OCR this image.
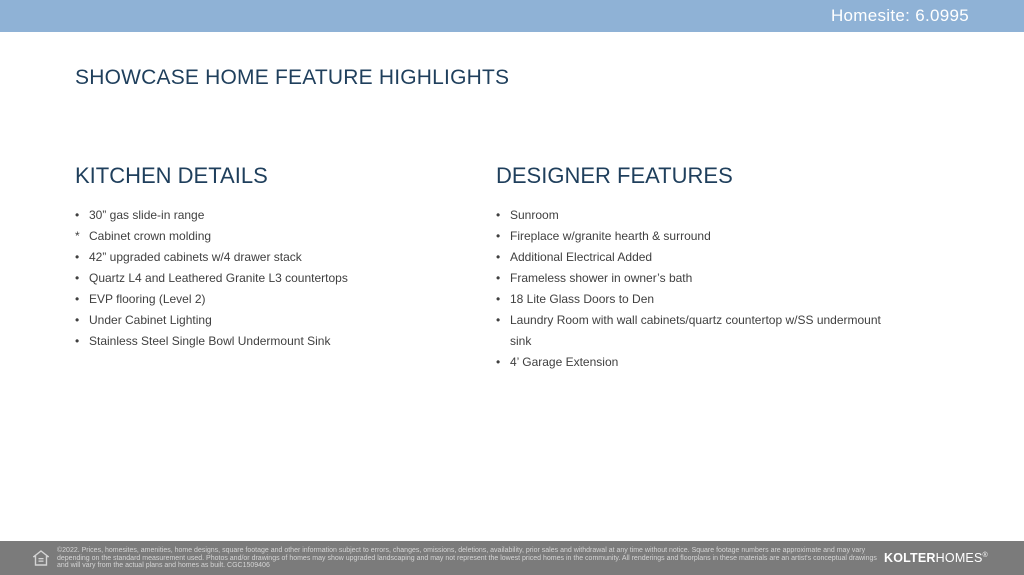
Homesite: 6.0995
SHOWCASE HOME FEATURE HIGHLIGHTS
KITCHEN DETAILS
• 30” gas slide-in range
* Cabinet crown molding
• 42” upgraded cabinets w/4 drawer stack
• Quartz L4 and Leathered Granite L3 countertops
• EVP flooring (Level 2)
• Under Cabinet Lighting
• Stainless Steel Single Bowl Undermount Sink
DESIGNER FEATURES
• Sunroom
• Fireplace w/granite hearth & surround
• Additional Electrical Added
• Frameless shower in owner’s bath
• 18 Lite Glass Doors to Den
• Laundry Room with wall cabinets/quartz countertop w/SS undermount sink
• 4’ Garage Extension
©2022. Prices, homesites, amenities, home designs, square footage and other information subject to errors, changes, omissions, deletions, availability, prior sales and withdrawal at any time without notice. Square footage numbers are approximate and may vary depending on the standard measurement used. Photos and/or drawings of homes may show upgraded landscaping and may not represent the lowest priced homes in the community. All renderings and floorplans in these materials are an artist's conceptual drawings and will vary from the actual plans and homes as built. CGC1509406
KOLTERHOMES®
